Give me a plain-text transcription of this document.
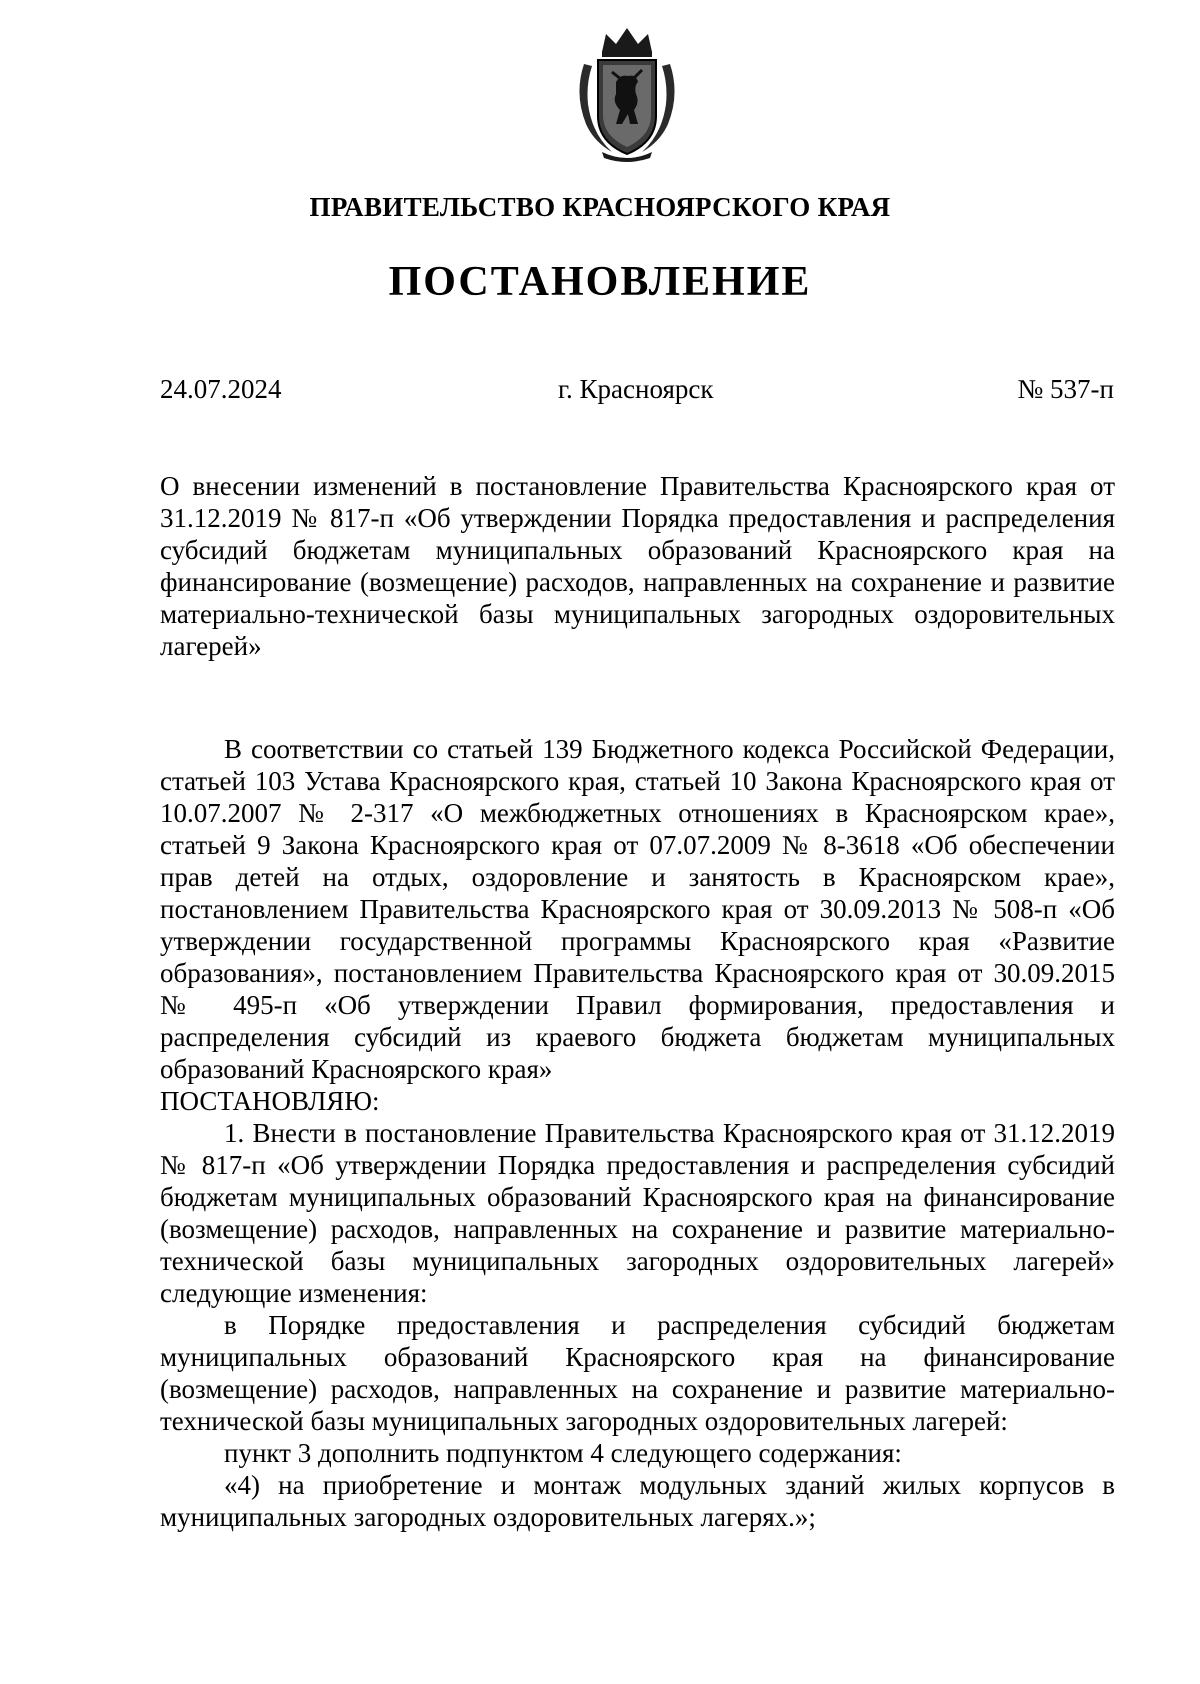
ПРАВИТЕЛЬСТВО КРАСНОЯРСКОГО КРАЯ
ПОСТАНОВЛЕНИЕ
24.07.2024	г. Красноярск	№ 537-п
О внесении изменений в постановление Правительства Красноярского края от 31.12.2019 № 817-п «Об утверждении Порядка предоставления и распределения субсидий бюджетам муниципальных образований Красноярского края на финансирование (возмещение) расходов, направленных на сохранение и развитие материально-технической базы муниципальных загородных оздоровительных лагерей»

В соответствии со статьей 139 Бюджетного кодекса Российской Федерации, статьей 103 Устава Красноярского края, статьей 10 Закона Красноярского края от 10.07.2007 № 2-317 «О межбюджетных отношениях в Красноярском крае», статьей 9 Закона Красноярского края от 07.07.2009 № 8-3618 «Об обеспечении прав детей на отдых, оздоровление и занятость в Красноярском крае», постановлением Правительства Красноярского края от 30.09.2013 № 508-п «Об утверждении государственной программы Красноярского края «Развитие образования», постановлением Правительства Красноярского края от 30.09.2015 № 495-п «Об утверждении Правил формирования, предоставления и распределения субсидий из краевого бюджета бюджетам муниципальных образований Красноярского края»

ПОСТАНОВЛЯЮ:

1. Внести в постановление Правительства Красноярского края от 31.12.2019 № 817-п «Об утверждении Порядка предоставления и распределения субсидий бюджетам муниципальных образований Красноярского края на финансирование (возмещение) расходов, направленных на сохранение и развитие материально-технической базы муниципальных загородных оздоровительных лагерей» следующие изменения:

в Порядке предоставления и распределения субсидий бюджетам муниципальных образований Красноярского края на финансирование (возмещение) расходов, направленных на сохранение и развитие материально-технической базы муниципальных загородных оздоровительных лагерей:

пункт 3 дополнить подпунктом 4 следующего содержания:

«4) на приобретение и монтаж модульных зданий жилых корпусов в муниципальных загородных оздоровительных лагерях.»;
